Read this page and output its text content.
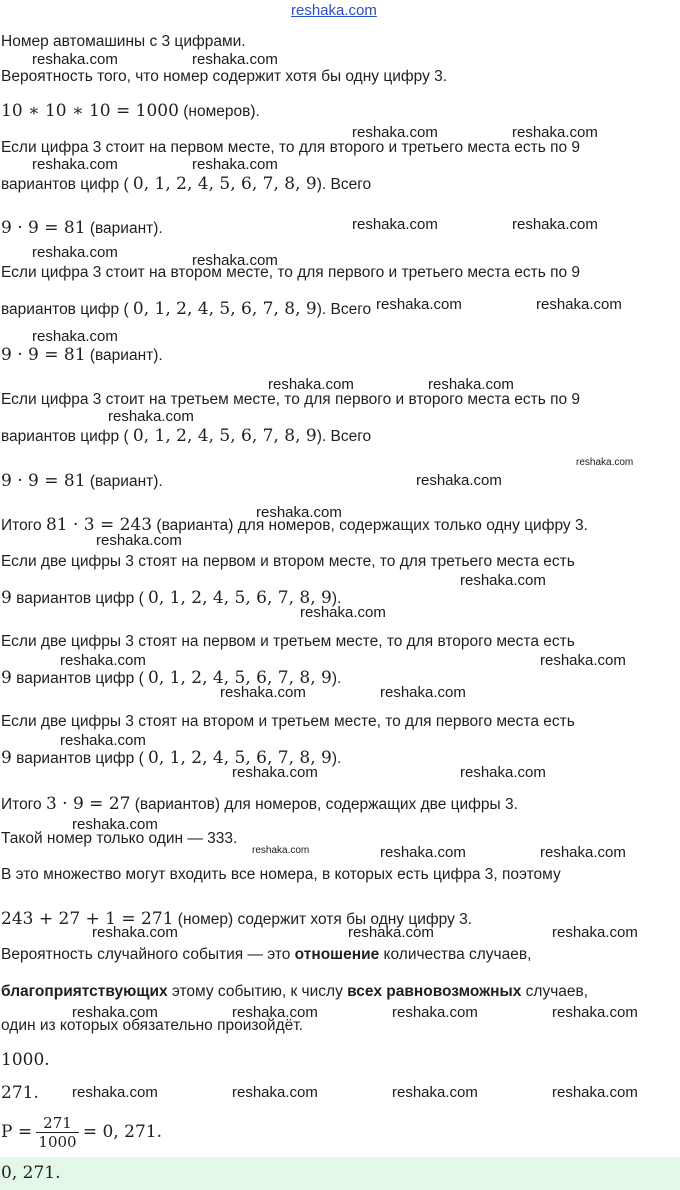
reshaka.com
Номер автомашины с 3 цифрами.
Вероятность того, что номер содержит хотя бы одну цифру 3.
10 ∗ 10 ∗ 10 = 1000 (номеров).
Если цифра 3 стоит на первом месте, то для второго и третьего места есть по 9
вариантов цифр ( 0, 1, 2, 4, 5, 6, 7, 8, 9). Всего
9 · 9 = 81 (вариант).
Если цифра 3 стоит на втором месте, то для первого и третьего места есть по 9
вариантов цифр ( 0, 1, 2, 4, 5, 6, 7, 8, 9). Всего
9 · 9 = 81 (вариант).
Если цифра 3 стоит на третьем месте, то для первого и второго места есть по 9
вариантов цифр ( 0, 1, 2, 4, 5, 6, 7, 8, 9). Всего
9 · 9 = 81 (вариант).
Итого 81 · 3 = 243 (варианта) для номеров, содержащих только одну цифру 3.
Если две цифры 3 стоят на первом и втором месте, то для третьего места есть
9 вариантов цифр ( 0, 1, 2, 4, 5, 6, 7, 8, 9).
Если две цифры 3 стоят на первом и третьем месте, то для второго места есть
9 вариантов цифр ( 0, 1, 2, 4, 5, 6, 7, 8, 9).
Если две цифры 3 стоят на втором и третьем месте, то для первого места есть
9 вариантов цифр ( 0, 1, 2, 4, 5, 6, 7, 8, 9).
Итого 3 · 9 = 27 (вариантов) для номеров, содержащих две цифры 3.
Такой номер только один — 333.
В это множество могут входить все номера, в которых есть цифра 3, поэтому
243 + 27 + 1 = 271 (номер) содержит хотя бы одну цифру 3.
Вероятность случайного события — это отношение количества случаев,
благоприятствующих этому событию, к числу всех равновозможных случаев,
один из которых обязательно произойдёт.
1000.
271.
$P = \frac{271}{1000} = 0$, 271.
0, 271.
reshaka.com	reshaka.com
reshaka.com	reshaka.com
reshaka.com	reshaka.com
reshaka.com	reshaka.com
reshaka.com	reshaka.com
reshaka.com	reshaka.com
reshaka.com
reshaka.com	reshaka.com
reshaka.com
reshaka.com
reshaka.com
reshaka.com
reshaka.com
reshaka.com
reshaka.com
reshaka.com	reshaka.com
reshaka.com	reshaka.com
reshaka.com
reshaka.com	reshaka.com
reshaka.com
reshaka.com	reshaka.com	reshaka.com
reshaka.com	reshaka.com	reshaka.com
reshaka.com	reshaka.com	reshaka.com	reshaka.com
reshaka.com	reshaka.com	reshaka.com	reshaka.com
